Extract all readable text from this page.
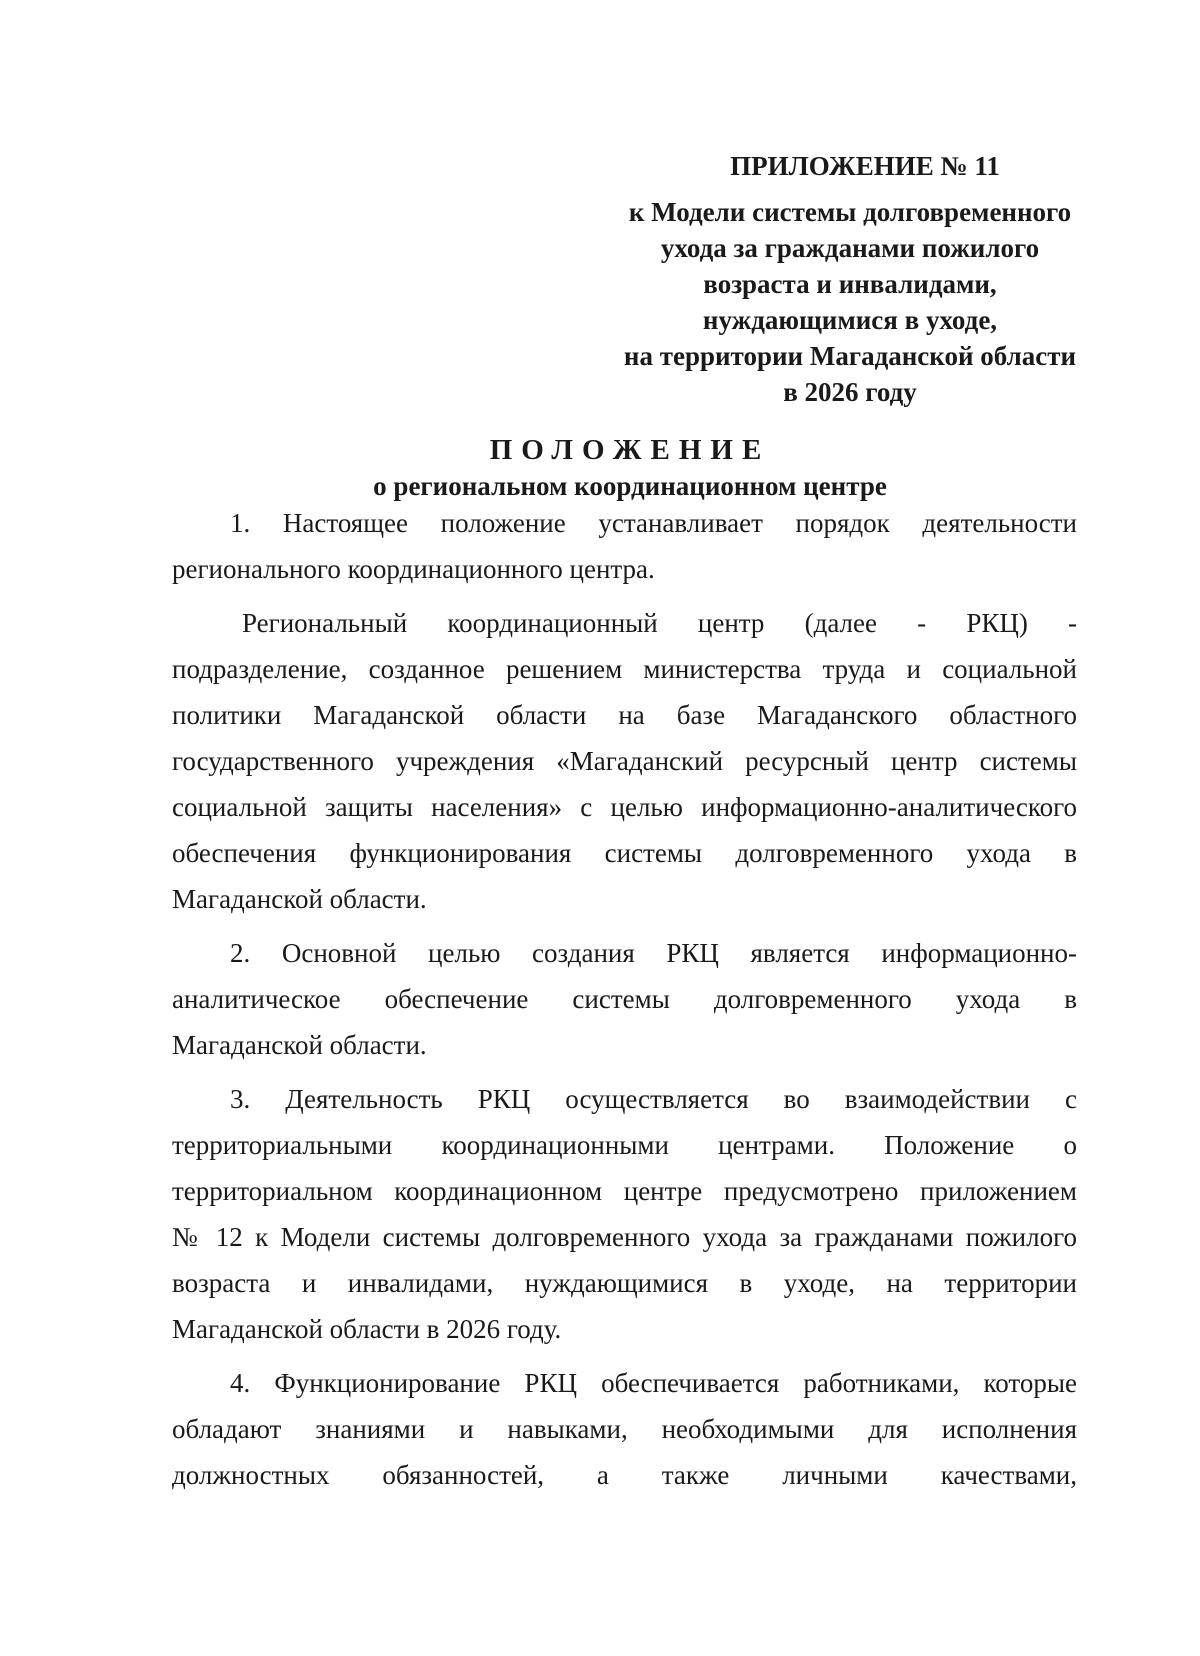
ПРИЛОЖЕНИЕ № 11
к Модели системы долговременного
ухода за гражданами пожилого
возраста и инвалидами,
нуждающимися в уходе,
на территории Магаданской области
в 2026 году
ПОЛОЖЕНИЕ
о региональном координационном центре
1. Настоящее положение устанавливает порядок деятельности
регионального координационного центра.
Региональный координационный центр (далее - РКЦ) -
подразделение, созданное решением министерства труда и социальной
политики Магаданской области на базе Магаданского областного
государственного учреждения «Магаданский ресурсный центр системы
социальной защиты населения» с целью информационно-аналитического
обеспечения функционирования системы долговременного ухода в
Магаданской области.
2. Основной целью создания РКЦ является информационно-
аналитическое обеспечение системы долговременного ухода в
Магаданской области.
3. Деятельность РКЦ осуществляется во взаимодействии с
территориальными координационными центрами. Положение о
территориальном координационном центре предусмотрено приложением
№ 12 к Модели системы долговременного ухода за гражданами пожилого
возраста и инвалидами, нуждающимися в уходе, на территории
Магаданской области в 2026 году.
4. Функционирование РКЦ обеспечивается работниками, которые
обладают знаниями и навыками, необходимыми для исполнения
должностных обязанностей, а также личными качествами,
